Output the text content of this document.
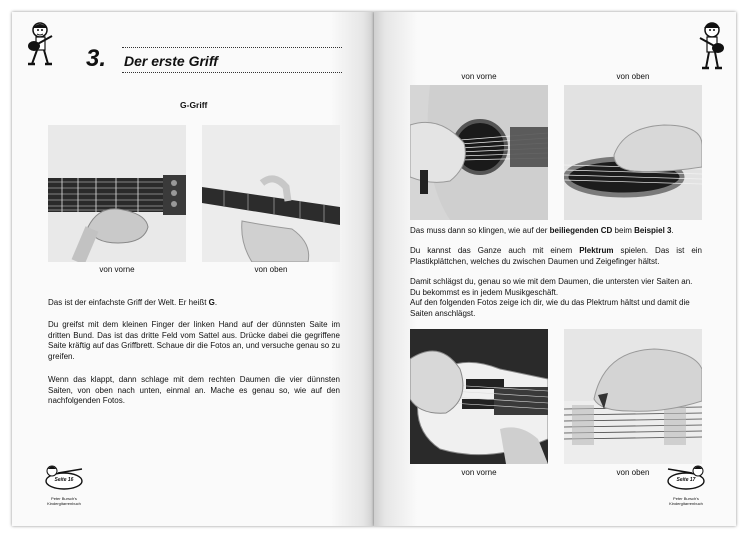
3. Der erste Griff
G-Griff
von vorne	von oben
Das ist der einfachste Griff der Welt. Er heißt G.
Du greifst mit dem kleinen Finger der linken Hand auf der dünnsten Saite im dritten Bund. Das ist das dritte Feld vom Sattel aus. Drücke dabei die gegriffene Saite kräftig auf das Griffbrett. Schaue dir die Fotos an, und versuche genau so zu greifen.
Wenn das klappt, dann schlage mit dem rechten Daumen die vier dünnsten Saiten, von oben nach unten, einmal an. Mache es genau so, wie auf den nachfolgenden Fotos.
Seite 16
Peter Bursch's
Kindergitarrenbuch
von vorne	von oben
Das muss dann so klingen, wie auf der beiliegenden CD beim Beispiel 3.
Du kannst das Ganze auch mit einem Plektrum spielen. Das ist ein Plastikplättchen, welches du zwischen Daumen und Zeigefinger hältst.
Damit schlägst du, genau so wie mit dem Daumen, die untersten vier Saiten an. Du bekommst es in jedem Musikgeschäft.
Auf den folgenden Fotos zeige ich dir, wie du das Plektrum hältst und damit die Saiten anschlägst.
von vorne	von oben
Seite 17
Peter Bursch's
Kindergitarrenbuch
